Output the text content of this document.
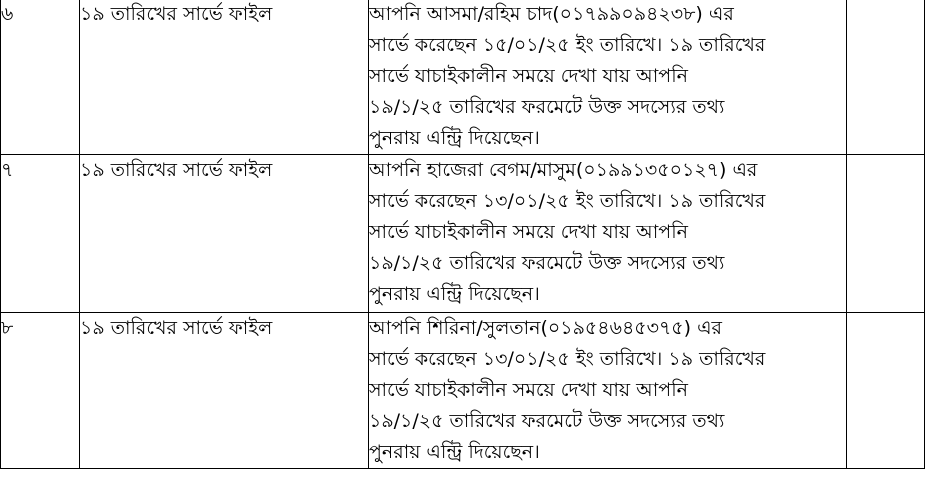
৬	১৯ তারিখের সার্ভে ফাইল	আপনি আসমা/রহিম চাদ(০১৭৯৯০৯৪২৩৮) এর
সার্ভে করেছেন ১৫/০১/২৫ ইং তারিখে। ১৯ তারিখের
সার্ভে যাচাইকালীন সময়ে দেখা যায় আপনি
১৯/১/২৫ তারিখের ফরমেটে উক্ত সদস্যের তথ্য
পুনরায় এন্ট্রি দিয়েছেন।	

৭	১৯ তারিখের সার্ভে ফাইল	আপনি হাজেরা বেগম/মাসুম(০১৯৯১৩৫০১২৭) এর
সার্ভে করেছেন ১৩/০১/২৫ ইং তারিখে। ১৯ তারিখের
সার্ভে যাচাইকালীন সময়ে দেখা যায় আপনি
১৯/১/২৫ তারিখের ফরমেটে উক্ত সদস্যের তথ্য
পুনরায় এন্ট্রি দিয়েছেন।	

৮	১৯ তারিখের সার্ভে ফাইল	আপনি শিরিনা/সুলতান(০১৯৫৪৬৪৫৩৭৫) এর
সার্ভে করেছেন ১৩/০১/২৫ ইং তারিখে। ১৯ তারিখের
সার্ভে যাচাইকালীন সময়ে দেখা যায় আপনি
১৯/১/২৫ তারিখের ফরমেটে উক্ত সদস্যের তথ্য
পুনরায় এন্ট্রি দিয়েছেন।	
